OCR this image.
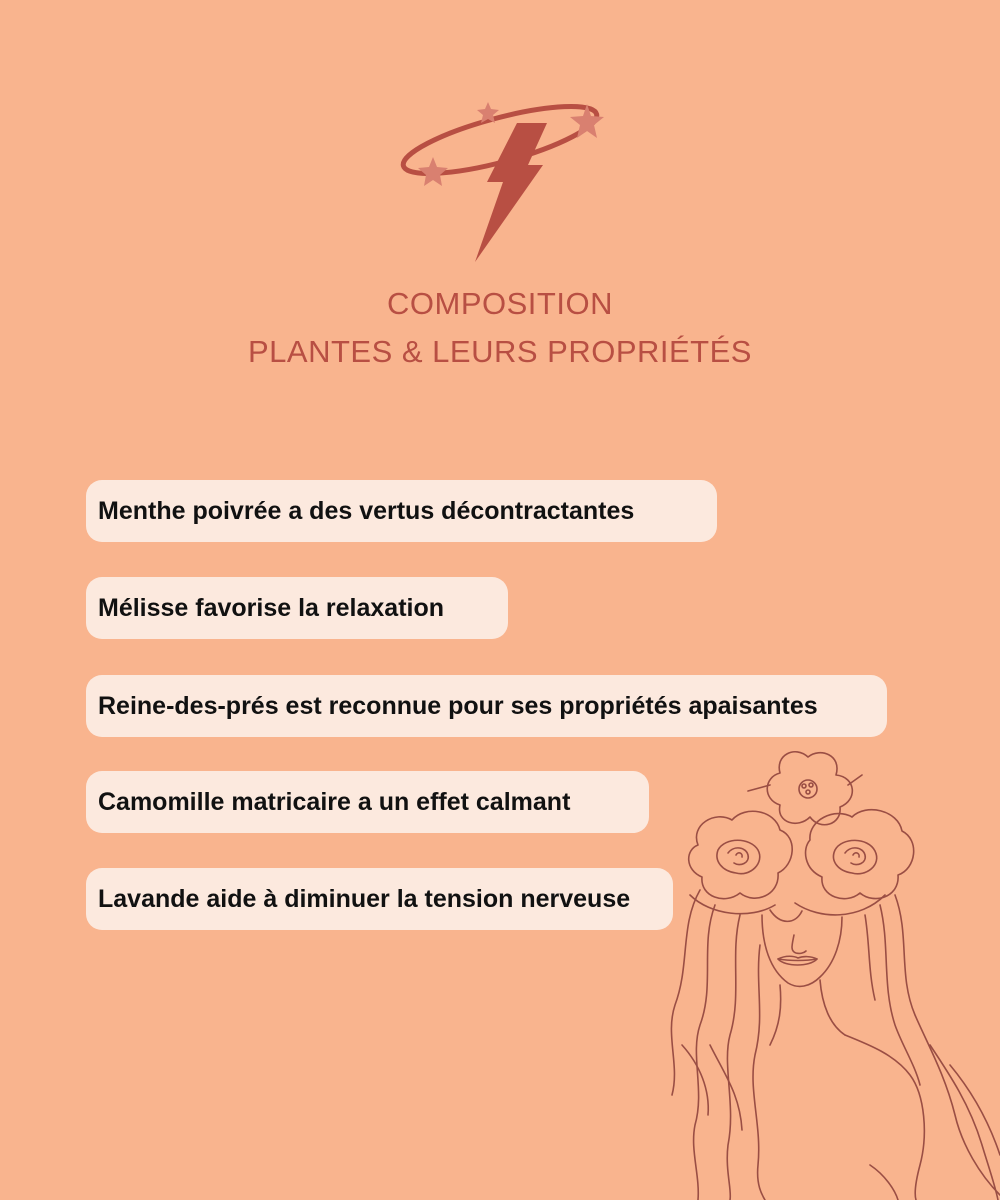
COMPOSITION
PLANTES & LEURS PROPRIÉTÉS
Menthe poivrée a des vertus décontractantes
Mélisse favorise la relaxation
Reine-des-prés est reconnue pour ses propriétés apaisantes
Camomille matricaire a un effet calmant
Lavande aide à diminuer la tension nerveuse
